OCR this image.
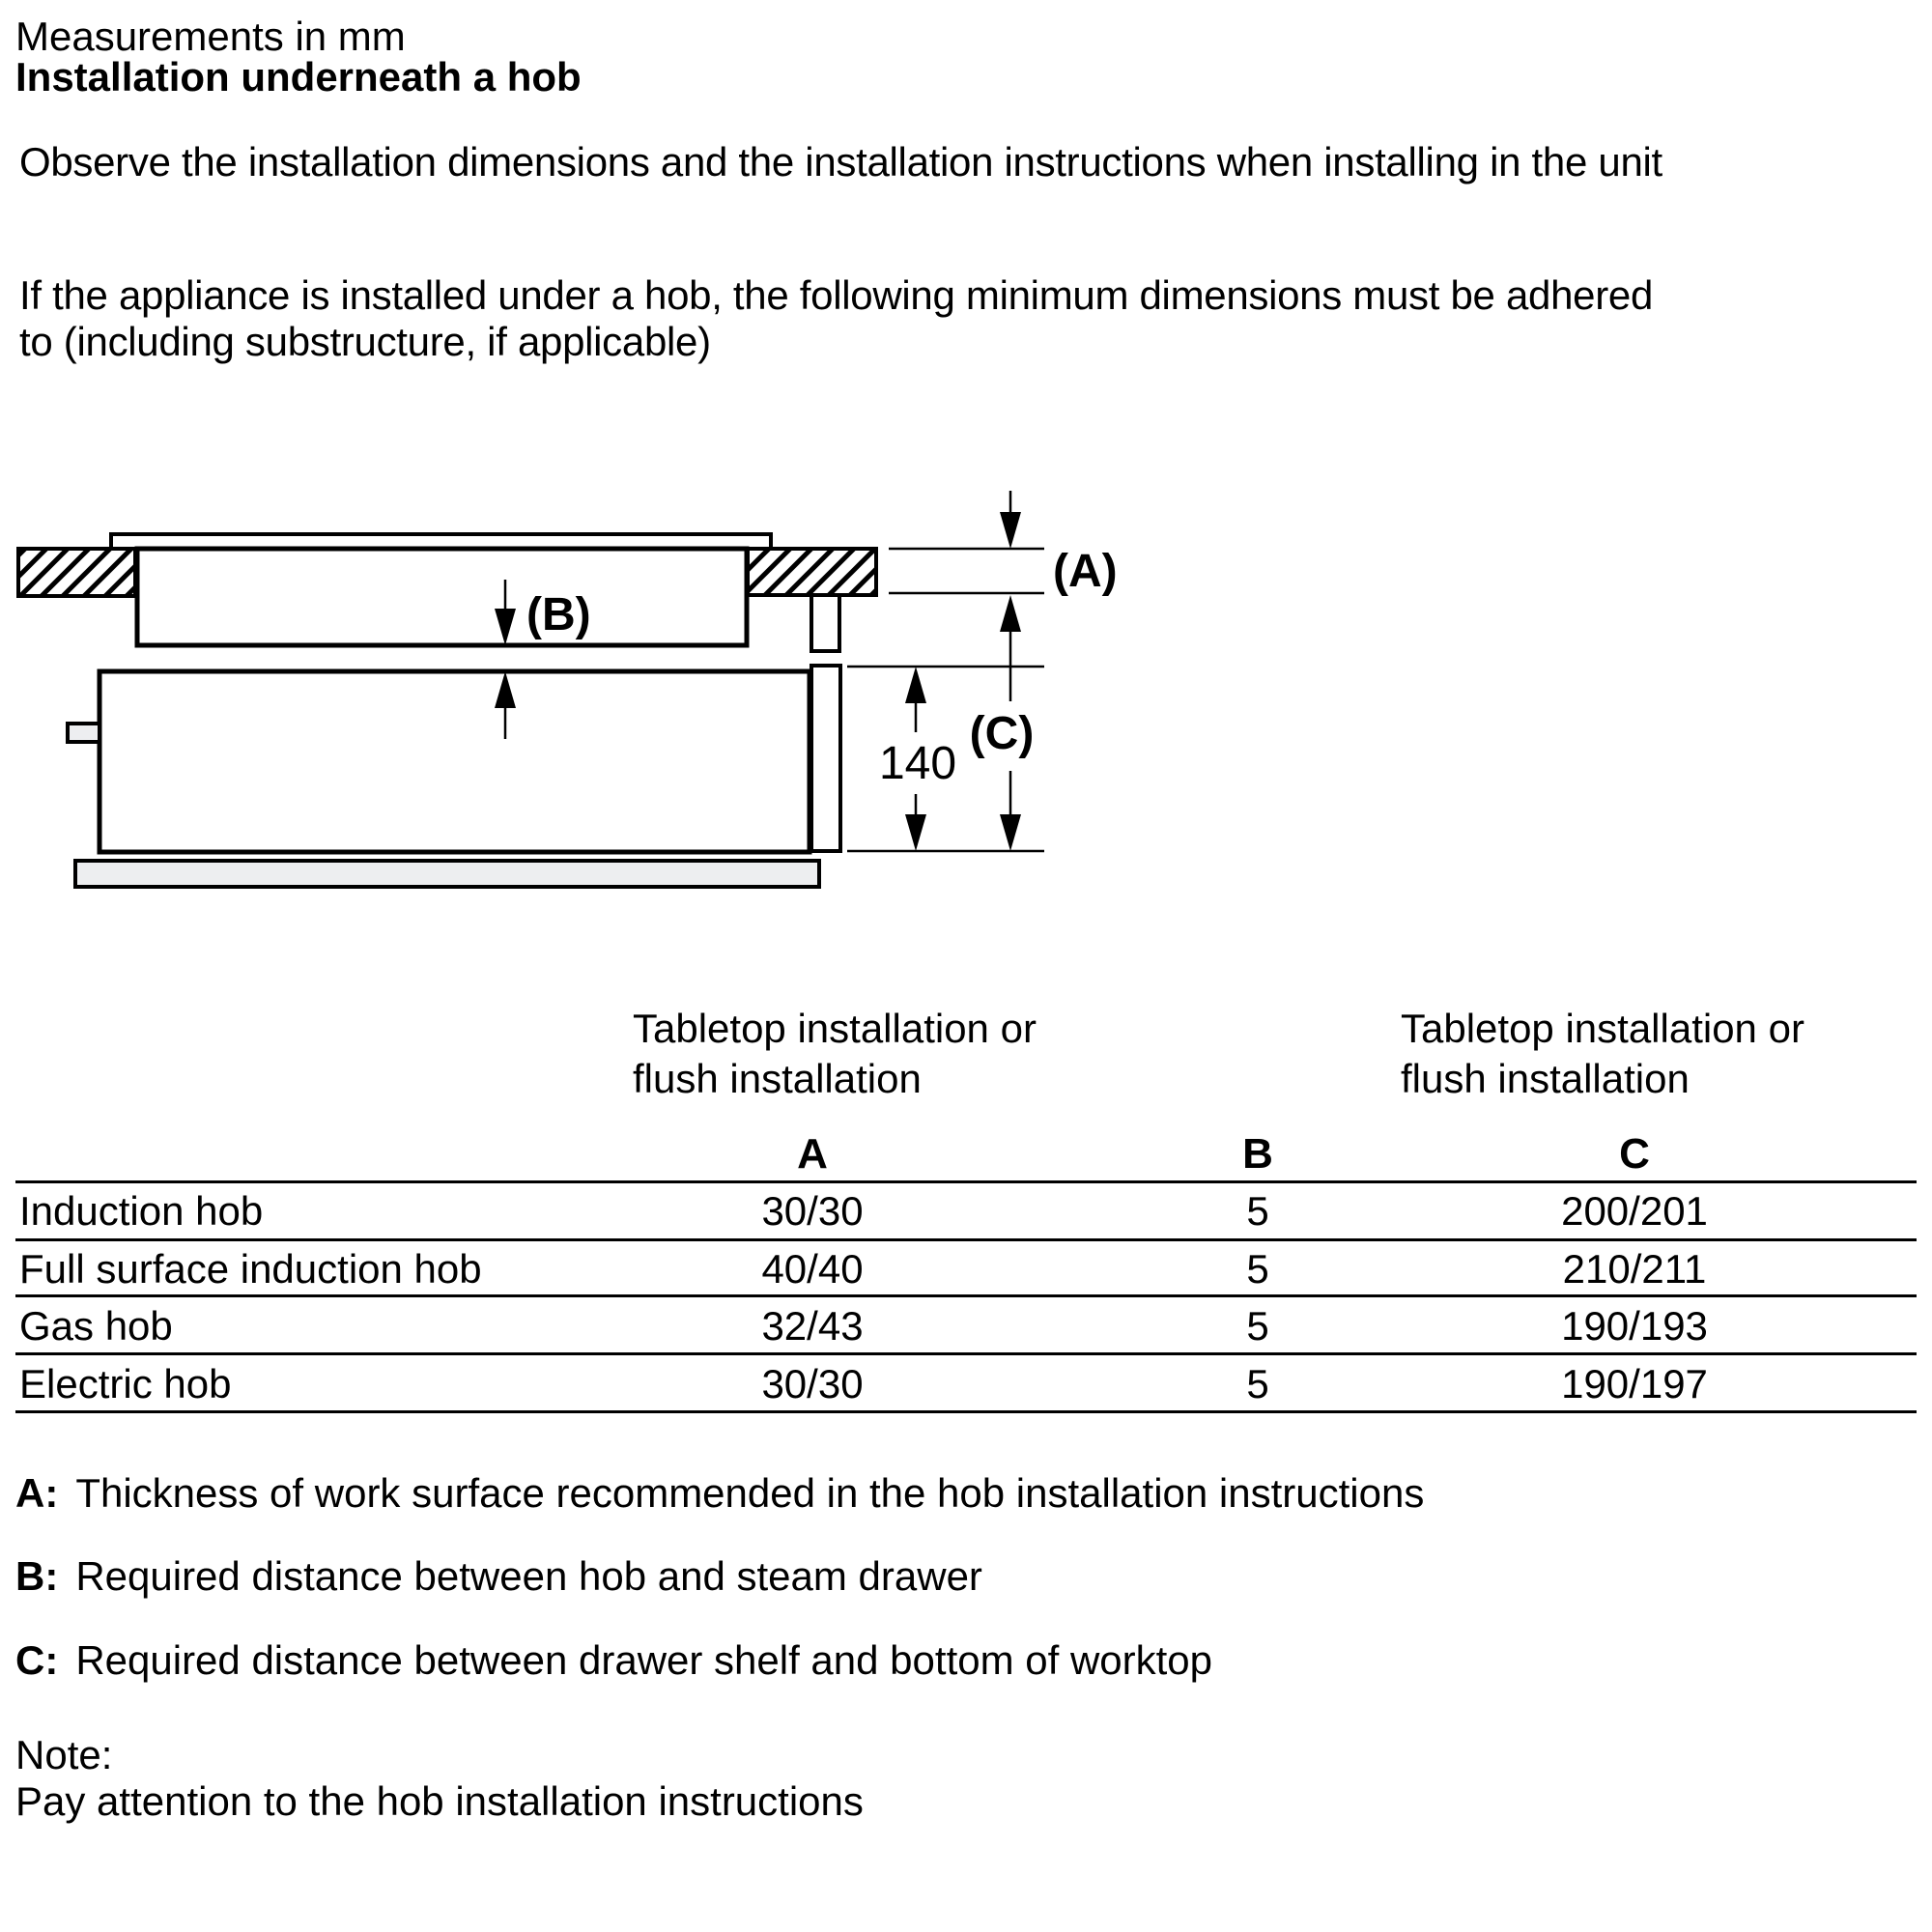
Measurements in mm
Installation underneath a hob
Observe the installation dimensions and the installation instructions when installing in the unit
If the appliance is installed under a hob, the following minimum dimensions must be adhered
to (including substructure, if applicable)
(A)
(C)
140
(B)
Tabletop installation or
flush installation
Tabletop installation or
flush installation
A	B	C
Induction hob	30/30	5	200/201
Full surface induction hob	40/40	5	210/211
Gas hob	32/43	5	190/193
Electric hob	30/30	5	190/197
A: Thickness of work surface recommended in the hob installation instructions
B: Required distance between hob and steam drawer
C: Required distance between drawer shelf and bottom of worktop
Note:
Pay attention to the hob installation instructions
